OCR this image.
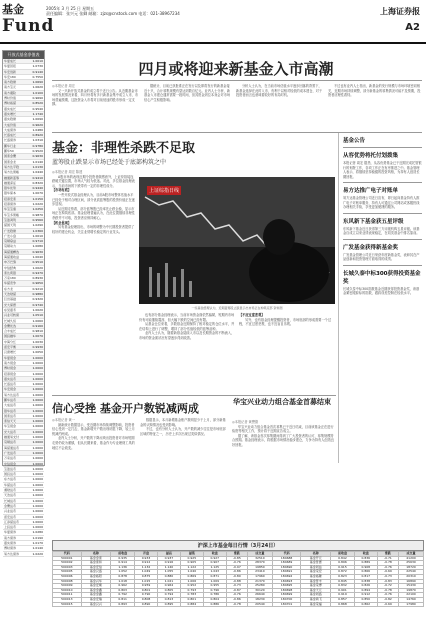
基金
Fund
2005年 3 月 25 日 星期五
责任编辑：张兴元 张卿 邮箱：zjzs@cnstock.com 电话：021-38967234	上海证券报
A2
开放式基金净值表
华夏成长	1.0010
华夏回报	1.0730
华安创新	0.9140
华安180	0.7550
南方稳健	1.0690
南方宝元	1.0620
南方避险	1.0100
博时价值	0.9690
博时裕富	0.8520
嘉实成长	0.9540
嘉实增长	1.1740
嘉实稳健	1.0090
大成价值	0.9620
大成债券	1.0480
长盛成长	0.8920
长盛债券	1.0310
鹏华行业	0.9780
鹏华50	0.9520
国泰金鹰	0.9630
国泰金龙	1.0140
易方达平稳	1.0130
易方达策略	1.0440
融通新蓝筹	0.9410
融通深证	0.8320
银华优势	0.9440
银华保本	1.0070
招商安泰	1.0150
招商债券	1.0220
华宝宝康	1.0250
华宝多策略	0.9870
宝盈鸿利	0.9560
富国天利	1.0290
广发稳健	1.0360
广发小盘	1.0010
景顺鼎益	0.9710
景顺动力	1.0080
海富通精选	0.9630
海富通收益	1.0040
申万巴黎	0.9510
中信经典	1.0020
泰达荷银	0.9470
万家180	0.8930
华富竞争	0.9650
东方龙	0.9210
天治财富	0.9880
巨田基础	0.9320
光大保德	0.9740
东吴嘉禾	1.0020
兴业可转债	1.0510
长城久恒	1.0060
金鹰优选	0.9160
合丰成长	0.9810
国投融华	1.0070
中海分红	1.0030
诺安平衡	0.9930
汉唐增长	1.0050
华夏现金	1.0000
南方现金	1.0000
博时现金	1.0000
招商现金	1.0000
嘉实货币	1.0000
长盛货币	1.0000
华安现金	1.0000
易方达货币	1.0000
鹏华货币	1.0000
大成货币	1.0000
银华货币	1.0000
国泰货币	1.0000
泰信天天	1.0000
华宝现金	1.0000
光大货币	1.0000
融通易支付	1.0000
景顺货币	1.0000
海富通货币	1.0000
广发货币	1.0000
万家货币	1.0000
中信现金	1.0000
宝盈货币	1.0000
国投货币	1.0000
东方货币	1.0000
华富货币	1.0000
湘财货币	1.0000
天治货币	1.0000
长城货币	1.0000
金鹰货币	1.0000
兴业货币	1.0000
诺安货币	1.0000
汇添富货币	1.0000
上投货币	1.0000
华夏债券	1.0280
南方债券	1.0190
嘉实债券	1.0170
博时债券	1.0140
易方达债券	1.0220
四月或将迎来新基金入市高潮
◎本报记者 周宏

又一只新开放式基金的成立将于近日公告。从近期基金市场的发展情况来看，四月份将有多只新基金集中成立入市，市场普遍预期，这批资金入市将对目前低迷的股市形成一定支撑。

据统计，目前已获批准正在发行以及即将发行的新基金接近十只，合计募集规模有望达到数百亿元。业内人士分析，新基金入市建仓通常需要一段时间，但其资金到位本身会对市场信心产生积极影响。

分析人士认为，在当前市场估值水平逐步回落的背景下，新基金选择在此时入市，有利于以相对较低的成本建仓，对于投资者而言也意味着较好的布局时机。

不过也有业内人士指出，新基金的发行规模与市场环境密切相关，近期市场持续调整，部分新基金的募集情况可能不及预期，投资者应理性看待。

基金：非理性杀跌不足取
蓝筹股止跌显示市场已经处于底部构筑之中
◎本报记者 周宏 陈建

A股市场的表现近期令投资者颇感意外，上证综指接连跌破关键位置，市场人气较为低迷。对此，多位基金经理表示，当前市场的下跌带有一定的非理性成分。

【市场有底】

一些开放式基金经理认为，目前A股市场整体估值水平已经处于相对合理区间，部分优质蓝筹股的投资价值正在逐步显现。

从近期走势看，部分蓝筹股已经率先止跌企稳，显示市场正在构筑底部。基金经理普遍认为，在此位置继续非理性杀跌并不可取，投资者应保持耐心。

【机会显现】

另有基金经理指出，市场的调整为中长期投资者提供了较好的建仓机会，关注业绩增长稳定的行业龙头。

上证综指日线
一些基金经理认为，近期蓝筹股止跌显示出市场正在构筑底部 资料图

也有部分基金经理表示，当前市场资金面依然偏紧，短期内市场仍有可能继续震荡，但大幅下跌的空间已经有限。

从基金仓位来看，多数基金近期保持了相对稳定的仓位水平，并在结构上进行了调整，增持了部分估值较低的蓝筹品种。

业内人士认为，随着新基金陆续入市以及长期资金的不断流入，市场的资金面状况有望逐步得到改善。

【不应过度悲观】

另外，也有基金经理提醒投资者，市场底部的形成需要一个过程，不宜过度悲观，也不宜盲目乐观。

基金公告
从容优势将托付划拨集
本报记者 周宏 据悉，从容优势基金已于近期完成托管银行的划拨工作，各项工作正在有序推进之中。基金管理人表示，将继续坚持稳健的投资风格，为持有人创造长期回报。
易方达推广电子对账单
易方达基金管理公司近日宣布，即日起向基金持有人推广电子对账单服务，持有人可通过公司网站或客服热线办理相关手续，享受更加便捷的服务。
东风新下基金获五星评级
东风新下基金近日获得第三方评级机构五星评级。该基金自成立以来业绩表现稳定，在同类基金中排名靠前。
广发基金获得新基金奖
广发基金管理公司近日荣获年度新基金奖，表彰其在产品创新和投资管理方面取得的成绩。
长城久泰中标300获得投资基金奖
长城久泰中标300指数基金近期获得投资基金奖，该基金紧密跟踪标的指数，跟踪误差控制在较低水平。
信心受挫 基金开户数锐减两成
◎本报记者 黄一

最新统计数据显示，受近期市场持续调整影响，投资者信心受到一定打击，基金新增开户数出现明显下降，较上月锐减约两成。

业内人士分析，开户数的下降反映出投资者对市场短期走势仍较为谨慎，但从长期来看，基金作为专业理财工具的地位不会改变。

数据显示，本月新增基金账户数明显少于上月，部分新基金的认购情况也受到影响。

不过，也有分析人士认为，开户数的减少往往是市场底部区域的特征之一，历史上多次出现过类似情况。

华宝兴业动力组合基金首募结束
◎本报记者 黄懋德

华宝兴业动力组合基金首次募集已于近日结束，目前该基金正在进行验资等相关工作，预计将于近期宣告成立。

据了解，该基金首次募集期间得到了广大投资者的认可，募集规模符合预期。基金经理表示，将根据市场情况稳步建仓，力争为持有人创造良好回报。

沪深上市基金每日行情（3月24日）
代码	名称	前收盘	开盘	最高	最低	收盘	涨跌	成交量	代码	名称	前收盘	收盘	涨跌	成交量
500001	基金金泰	0.935	0.933	0.937	0.925	0.927	-0.85	32510	184688	基金开元	0.842	0.836	-0.71	41200
500002	基金泰和	0.914	0.912	0.916	0.905	0.907	-0.76	28370	184689	基金普惠	0.896	0.889	-0.78	25630
500003	基金安信	1.136	1.132	1.140	1.122	1.125	-0.97	19850	184690	基金同益	0.915	0.908	-0.76	18720
500005	基金汉盛	1.052	1.049	1.055	1.040	1.043	-0.86	23410	184691	基金景宏	0.872	0.866	-0.69	22540
500006	基金裕阳	0.878	0.875	0.880	0.869	0.871	-0.80	17960	184692	基金裕隆	0.823	0.817	-0.73	20310
500008	基金兴华	1.018	1.015	1.021	1.006	1.009	-0.88	21370	184693	基金普丰	0.845	0.838	-0.83	16890
500009	基金安顺	0.962	0.959	0.964	0.952	0.955	-0.73	25280	184695	基金景博	0.832	0.826	-0.72	15430
500010	基金金鑫	0.803	0.801	0.805	0.793	0.796	-0.87	30120	184698	基金天元	0.901	0.894	-0.78	19870
500011	基金金鑫	0.792	0.790	0.794	0.783	0.786	-0.76	26640	184699	基金同盛	0.919	0.912	-0.76	22100
500013	基金安瑞	0.811	0.808	0.813	0.801	0.804	-0.86	18230	184700	基金鸿飞	0.857	0.850	-0.82	14760
500015	基金汉兴	0.893	0.890	0.895	0.884	0.886	-0.78	20540	184701	基金景福	0.868	0.862	-0.69	17980
